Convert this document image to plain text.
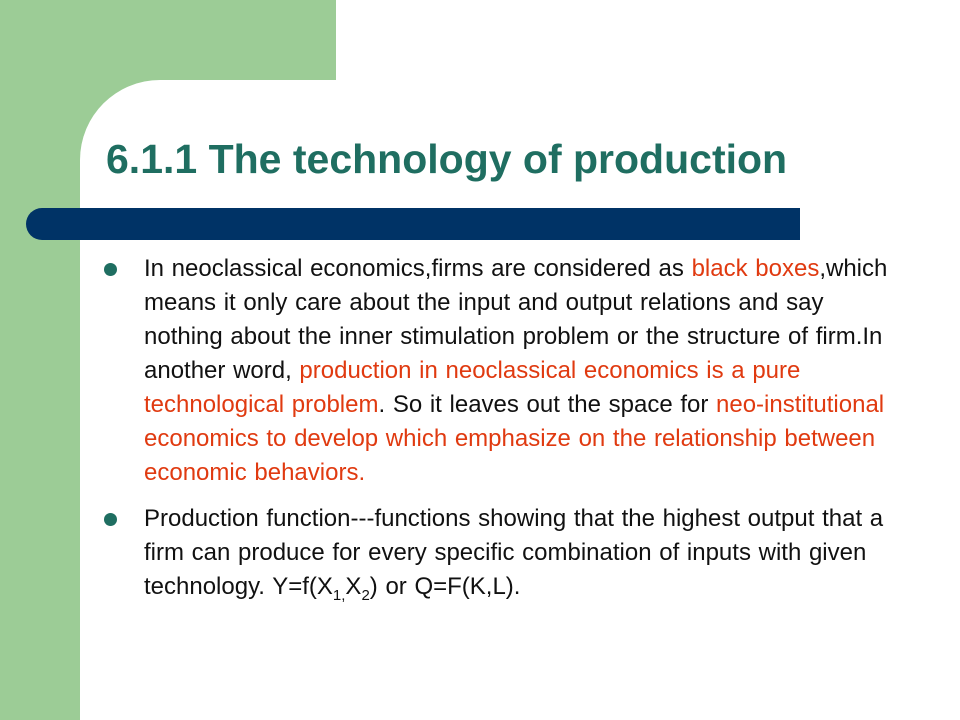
6.1.1 The technology of production
In neoclassical economics,firms are considered as black boxes,which means it only care about the input and output relations and say nothing about the inner stimulation problem or the structure of firm.In another word, production in neoclassical economics is a pure technological problem. So it leaves out the space for neo-institutional economics to develop which emphasize on the relationship between economic behaviors.
Production function---functions showing that the highest output that a firm can produce for every specific combination of inputs with given technology. $Y=f(X_{1,}X_2)$ or Q=F(K,L).
